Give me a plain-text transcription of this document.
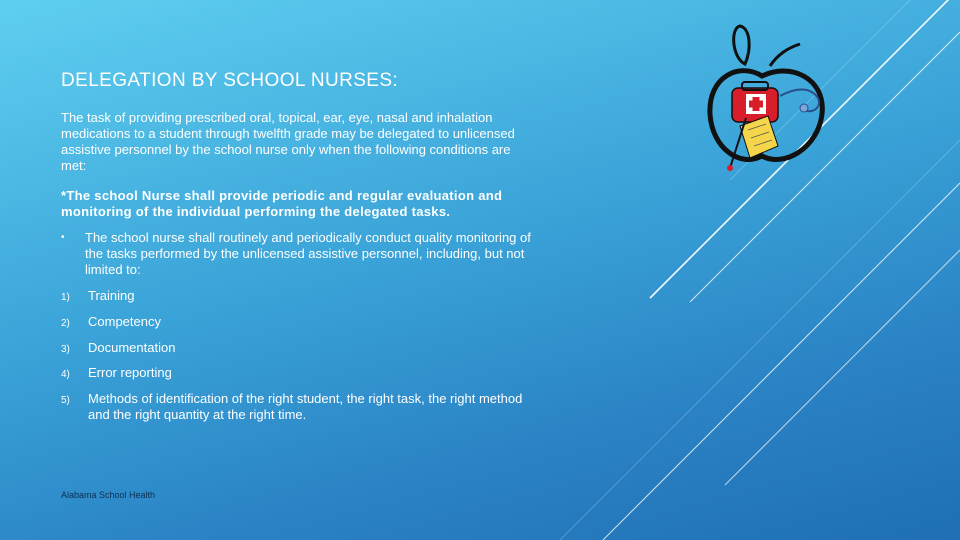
DELEGATION BY SCHOOL NURSES:

The task of providing prescribed oral, topical, ear, eye, nasal and inhalation medications to a student through twelfth grade may be delegated to unlicensed assistive personnel by the school nurse only when the following conditions are met:

*The school Nurse shall provide periodic and regular evaluation and monitoring of the individual performing the delegated tasks.

•	The school nurse shall routinely and periodically conduct quality monitoring of the tasks performed by the unlicensed assistive personnel, including, but not limited to:
1)	Training
2)	Competency
3)	Documentation
4)	Error reporting
5)	Methods of identification of the right student, the right task, the right method and the right quantity at the right time.

Alabama School Health
